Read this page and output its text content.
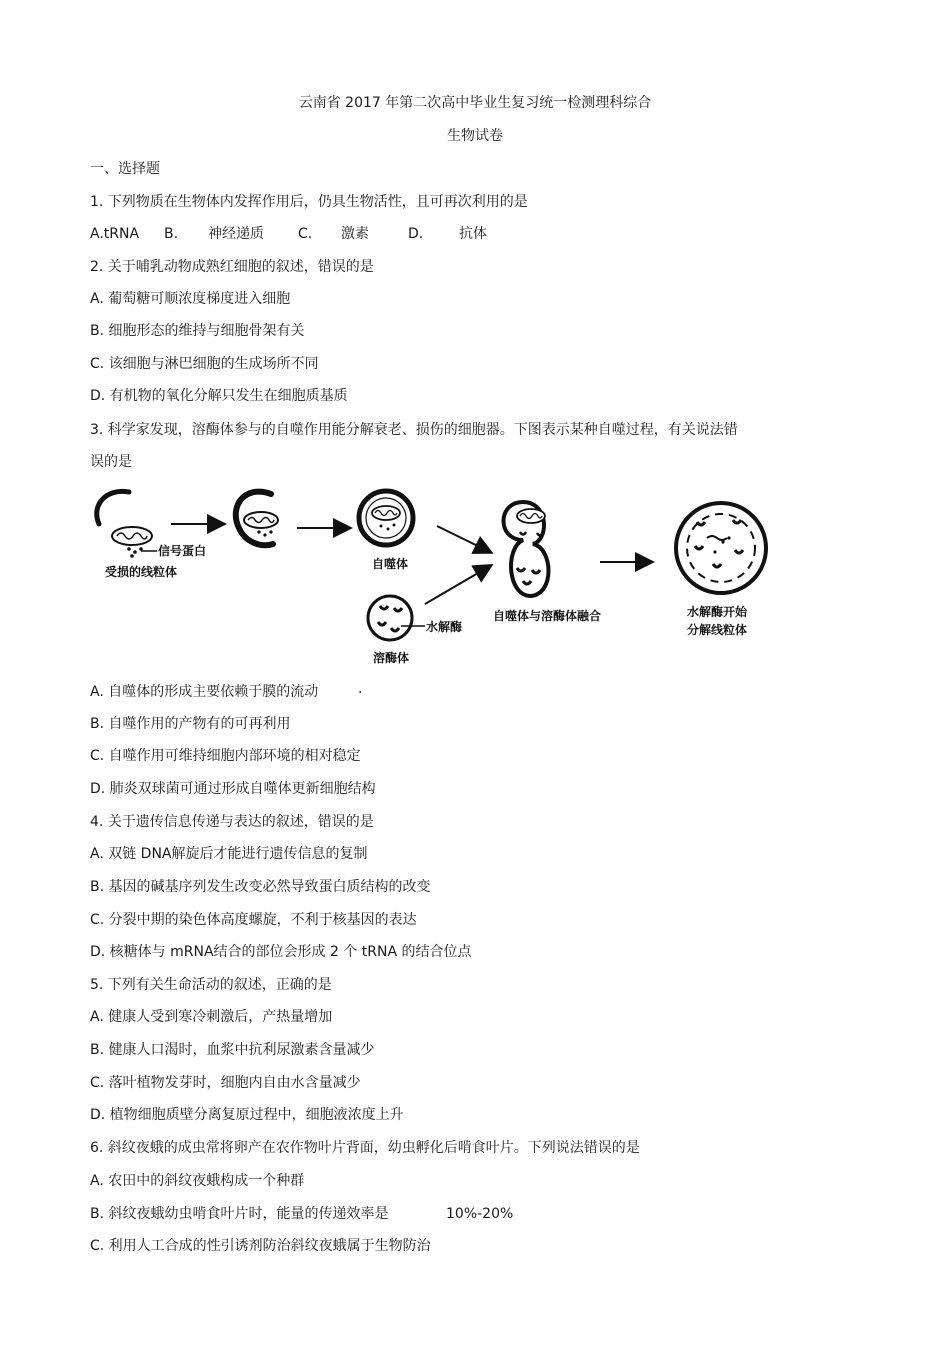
云南省 2017 年第二次高中毕业生复习统一检测理科综合
生物试卷
一、选择题
1. 下列物质在生物体内发挥作用后，仍具生物活性，且可再次利用的是
A.tRNA B. 神经递质 C. 激素	D.	抗体
2. 关于哺乳动物成熟红细胞的叙述，错误的是
A. 葡萄糖可顺浓度梯度进入细胞
B. 细胞形态的维持与细胞骨架有关
C. 该细胞与淋巴细胞的生成场所不同
D. 有机物的氧化分解只发生在细胞质基质
3. 科学家发现，溶酶体参与的自噬作用能分解衰老、损伤的细胞器。下图表示某种自噬过程，有关说法错
误的是
信号蛋白
受损的线粒体
自噬体
水解酶
溶酶体
自噬体与溶酶体融合	水解酶开始
分解线粒体
A. 自噬体的形成主要依赖于膜的流动	.
B. 自噬作用的产物有的可再利用
C. 自噬作用可维持细胞内部环境的相对稳定
D. 肺炎双球菌可通过形成自噬体更新细胞结构
4. 关于遗传信息传递与表达的叙述，错误的是
A. 双链 DNA解旋后才能进行遗传信息的复制
B. 基因的碱基序列发生改变必然导致蛋白质结构的改变
C. 分裂中期的染色体高度螺旋，不利于核基因的表达
D. 核糖体与 mRNA结合的部位会形成 2 个 tRNA 的结合位点
5. 下列有关生命活动的叙述，正确的是
A. 健康人受到寒冷刺激后，产热量增加
B. 健康人口渴时，血浆中抗利尿激素含量减少
C. 落叶植物发芽时，细胞内自由水含量减少
D. 植物细胞质壁分离复原过程中，细胞液浓度上升
6. 斜纹夜蛾的成虫常将卵产在农作物叶片背面，幼虫孵化后啃食叶片。下列说法错误的是
A. 农田中的斜纹夜蛾构成一个种群
B. 斜纹夜蛾幼虫啃食叶片时，能量的传递效率是	10%-20%
C. 利用人工合成的性引诱剂防治斜纹夜蛾属于生物防治
